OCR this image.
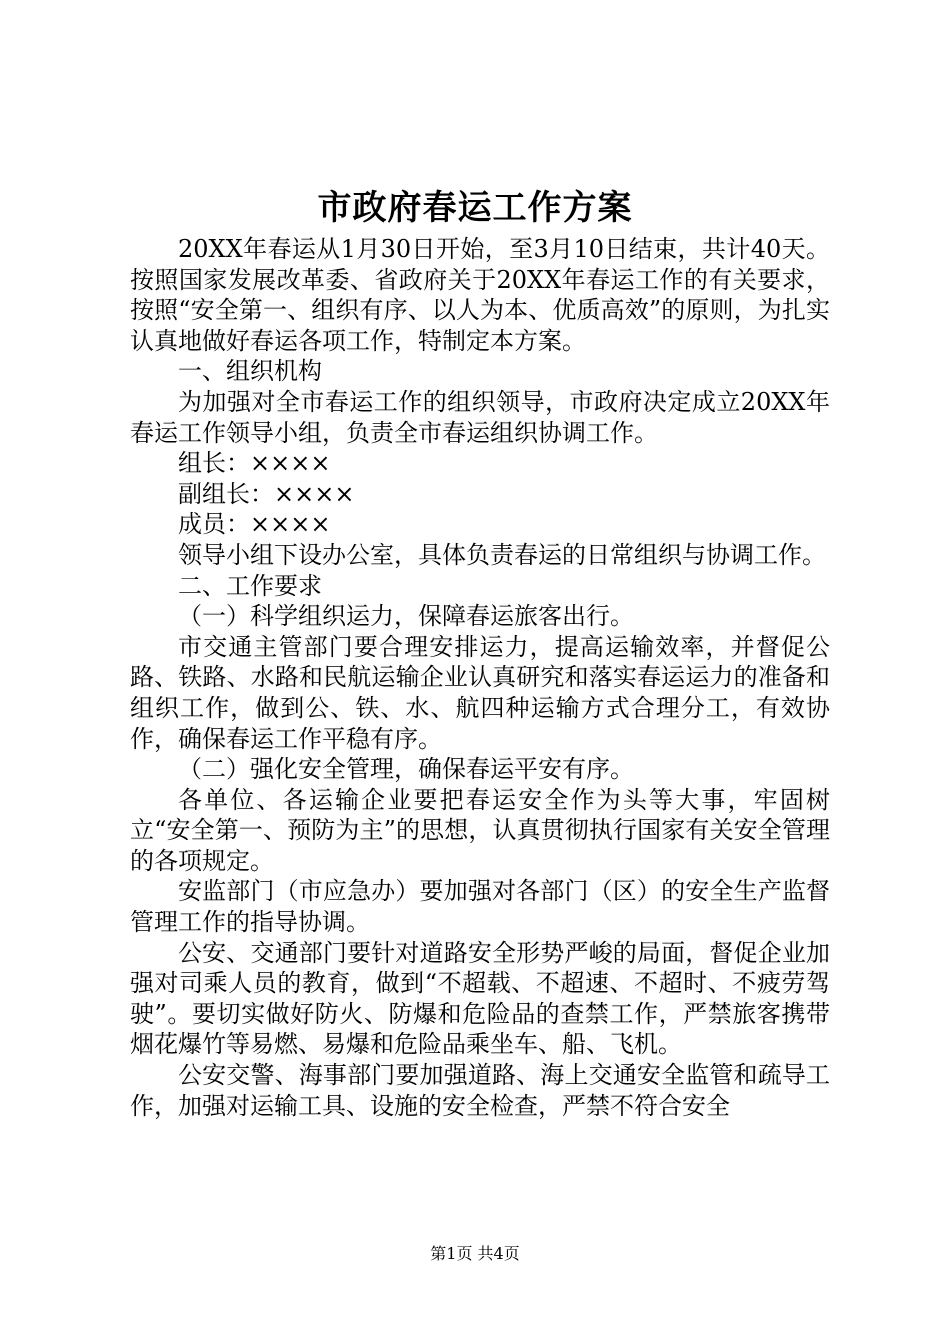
市政府春运工作方案

20XX年春运从1月30日开始，至3月10日结束，共计40天。按照国家发展改革委、省政府关于20XX年春运工作的有关要求，按照“安全第一、组织有序、以人为本、优质高效”的原则，为扎实认真地做好春运各项工作，特制定本方案。

一、组织机构

为加强对全市春运工作的组织领导，市政府决定成立20XX年春运工作领导小组，负责全市春运组织协调工作。

组长：××××

副组长：××××

成员：××××

领导小组下设办公室，具体负责春运的日常组织与协调工作。

二、工作要求

（一）科学组织运力，保障春运旅客出行。

市交通主管部门要合理安排运力，提高运输效率，并督促公路、铁路、水路和民航运输企业认真研究和落实春运运力的准备和组织工作，做到公、铁、水、航四种运输方式合理分工，有效协作，确保春运工作平稳有序。

（二）强化安全管理，确保春运平安有序。

各单位、各运输企业要把春运安全作为头等大事，牢固树立“安全第一、预防为主”的思想，认真贯彻执行国家有关安全管理的各项规定。

安监部门（市应急办）要加强对各部门（区）的安全生产监督管理工作的指导协调。

公安、交通部门要针对道路安全形势严峻的局面，督促企业加强对司乘人员的教育，做到“不超载、不超速、不超时、不疲劳驾驶”。要切实做好防火、防爆和危险品的查禁工作，严禁旅客携带烟花爆竹等易燃、易爆和危险品乘坐车、船、飞机。

公安交警、海事部门要加强道路、海上交通安全监管和疏导工作，加强对运输工具、设施的安全检查，严禁不符合安全

第1页 共4页
